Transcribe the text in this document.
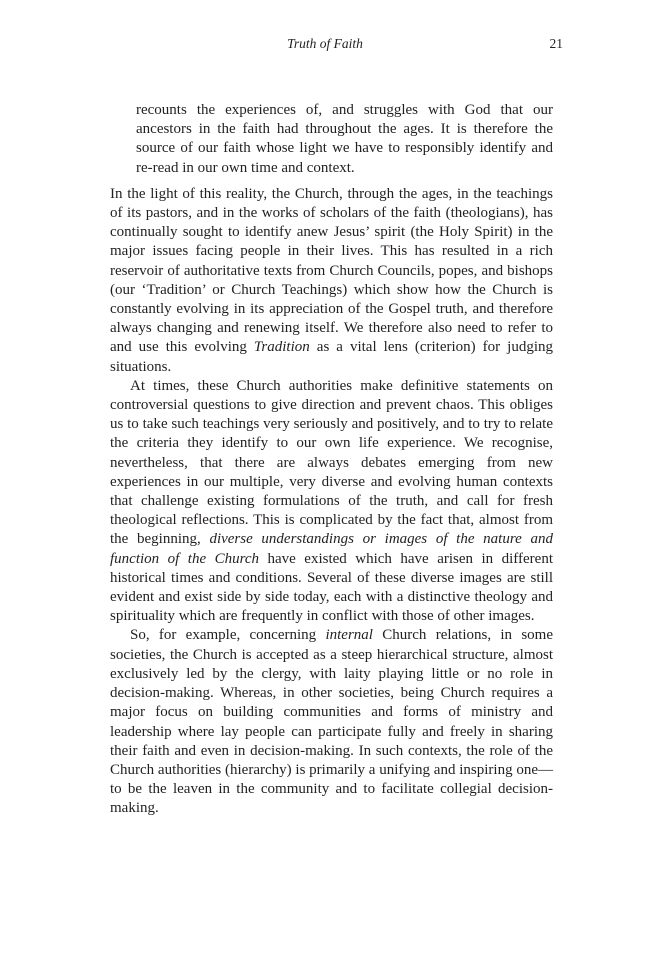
Truth of Faith	21

recounts the experiences of, and struggles with God that our ancestors in the faith had throughout the ages. It is therefore the source of our faith whose light we have to responsibly identify and re-read in our own time and context.

In the light of this reality, the Church, through the ages, in the teachings of its pastors, and in the works of scholars of the faith (theologians), has continually sought to identify anew Jesus’ spirit (the Holy Spirit) in the major issues facing people in their lives. This has resulted in a rich reservoir of authoritative texts from Church Councils, popes, and bishops (our ‘Tradition’ or Church Teachings) which show how the Church is constantly evolving in its appreciation of the Gospel truth, and therefore always changing and renewing itself. We therefore also need to refer to and use this evolving Tradition as a vital lens (criterion) for judging situations.

At times, these Church authorities make definitive statements on controversial questions to give direction and prevent chaos. This obliges us to take such teachings very seriously and positively, and to try to relate the criteria they identify to our own life experience. We recognise, nevertheless, that there are always debates emerging from new experiences in our multiple, very diverse and evolving human contexts that challenge existing formulations of the truth, and call for fresh theological reflections. This is complicated by the fact that, almost from the beginning, diverse understandings or images of the nature and function of the Church have existed which have arisen in different historical times and conditions. Several of these diverse images are still evident and exist side by side today, each with a distinctive theology and spirituality which are frequently in conflict with those of other images.

So, for example, concerning internal Church relations, in some societies, the Church is accepted as a steep hierarchical structure, almost exclusively led by the clergy, with laity playing little or no role in decision-making. Whereas, in other societies, being Church requires a major focus on building communities and forms of ministry and leadership where lay people can participate fully and freely in sharing their faith and even in decision-making. In such contexts, the role of the Church authorities (hierarchy) is primarily a unifying and inspiring one—to be the leaven in the community and to facilitate collegial decision-making.
